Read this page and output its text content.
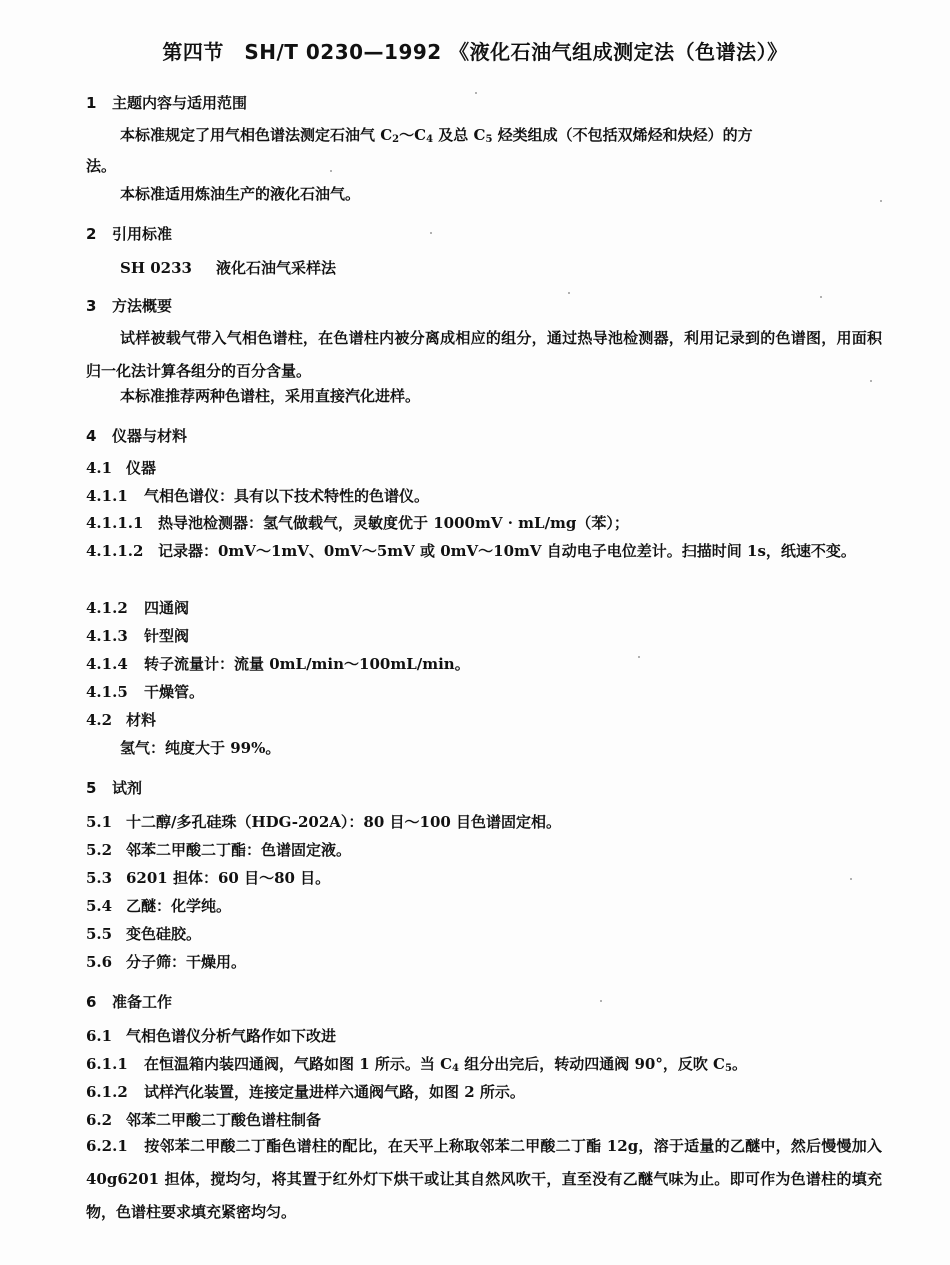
第四节　SH/T 0230—1992 《液化石油气组成测定法（色谱法）》
1 主题内容与适用范围
本标准规定了用气相色谱法测定石油气 $C_2\sim C_4$ 及总 $C_5$ 烃类组成（不包括双烯烃和炔烃）的方
法。
本标准适用炼油生产的液化石油气。
2 引用标准
SH 0233 液化石油气采样法
3 方法概要
试样被载气带入气相色谱柱，在色谱柱内被分离成相应的组分，通过热导池检测器，利用记录到的色谱图，用面积归一化法计算各组分的百分含量。
本标准推荐两种色谱柱，采用直接汽化进样。
4 仪器与材料
4.1 仪器
4.1.1 气相色谱仪：具有以下技术特性的色谱仪。
4.1.1.1 热导池检测器：氢气做载气，灵敏度优于 1000mV · mL/mg（苯）；
4.1.1.2 记录器：0mV～1mV、0mV～5mV 或 0mV～10mV 自动电子电位差计。扫描时间 1s，纸速不变。
4.1.2 四通阀
4.1.3 针型阀
4.1.4 转子流量计：流量 0mL/min～100mL/min。
4.1.5 干燥管。
4.2 材料
氢气：纯度大于 99%。
5 试剂
5.1 十二醇/多孔硅珠（HDG-202A）：80 目～100 目色谱固定相。
5.2 邻苯二甲酸二丁酯：色谱固定液。
5.3 6201 担体：60 目～80 目。
5.4 乙醚：化学纯。
5.5 变色硅胶。
5.6 分子筛：干燥用。
6 准备工作
6.1 气相色谱仪分析气路作如下改进
6.1.1 在恒温箱内装四通阀，气路如图 1 所示。当 $C_4$ 组分出完后，转动四通阀 90°，反吹 $C_5$。
6.1.2 试样汽化装置，连接定量进样六通阀气路，如图 2 所示。
6.2 邻苯二甲酸二丁酸色谱柱制备
6.2.1 按邻苯二甲酸二丁酯色谱柱的配比，在天平上称取邻苯二甲酸二丁酯 12g，溶于适量的乙醚中，然后慢慢加入 40g6201 担体，搅均匀，将其置于红外灯下烘干或让其自然风吹干，直至没有乙醚气味为止。即可作为色谱柱的填充物，色谱柱要求填充紧密均匀。
